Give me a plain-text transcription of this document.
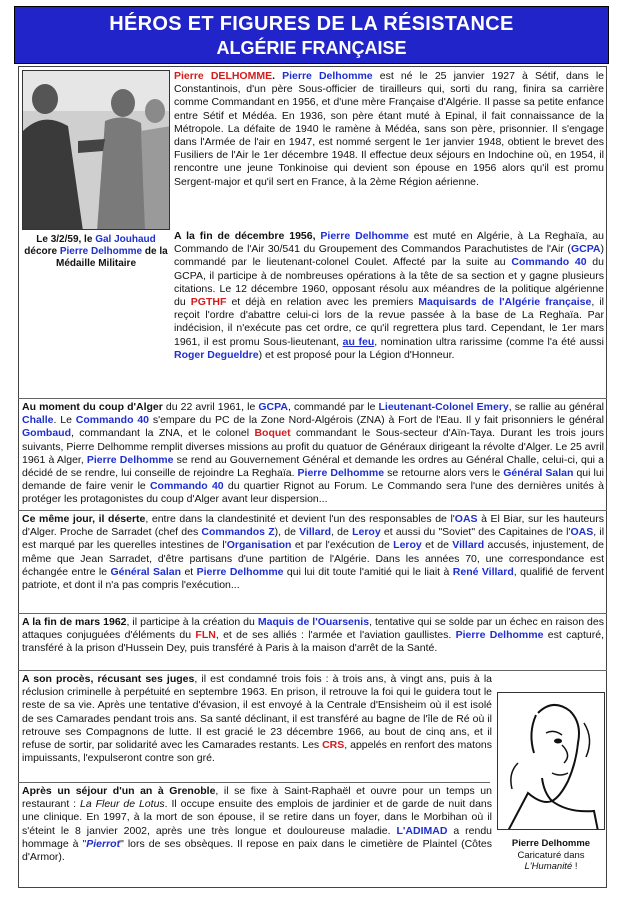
HÉROS ET FIGURES DE LA RÉSISTANCE
ALGÉRIE FRANÇAISE
Le 3/2/59, le Gal Jouhaud décore Pierre Delhomme de la Médaille Militaire
Pierre DELHOMME. Pierre Delhomme est né le 25 janvier 1927 à Sétif, dans le Constantinois, d'un père Sous-officier de tirailleurs qui, sorti du rang, finira sa carrière comme Commandant en 1956, et d'une mère Française d'Algérie. Il passe sa petite enfance entre Sétif et Médéa. En 1936, son père étant muté à Epinal, il fait connaissance de la Métropole. La défaite de 1940 le ramène à Médéa, sans son père, prisonnier. Il s'engage dans l'Armée de l'air en 1947, est nommé sergent le 1er janvier 1948, obtient le brevet des Fusiliers de l'Air le 1er décembre 1948. Il effectue deux séjours en Indochine où, en 1954, il rencontre une jeune Tonkinoise qui devient son épouse en 1956 alors qu'il est promu Sergent-major et qu'il sert en France, à la 2ème Région aérienne.
A la fin de décembre 1956, Pierre Delhomme est muté en Algérie, à La Reghaïa, au Commando de l'Air 30/541 du Groupement des Commandos Parachutistes de l'Air (GCPA) commandé par le lieutenant-colonel Coulet. Affecté par la suite au Commando 40 du GCPA, il participe à de nombreuses opérations à la tête de sa section et y gagne plusieurs citations. Le 12 décembre 1960, opposant résolu aux méandres de la politique algérienne du PGTHF et déjà en relation avec les premiers Maquisards de l'Algérie française, il reçoit l'ordre d'abattre celui-ci lors de la revue passée à la base de La Reghaïa. Par indécision, il n'exécute pas cet ordre, ce qu'il regrettera plus tard. Cependant, le 1er mars 1961, il est promu Sous-lieutenant, au feu, nomination ultra rarissime (comme l'a été aussi Roger Degueldre) et est proposé pour la Légion d'Honneur.
Au moment du coup d'Alger du 22 avril 1961, le GCPA, commandé par le Lieutenant-Colonel Emery, se rallie au général Challe. Le Commando 40 s'empare du PC de la Zone Nord-Algérois (ZNA) à Fort de l'Eau. Il y fait prisonniers le général Gombaud, commandant la ZNA, et le colonel Boquet commandant le Sous-secteur d'Aïn-Taya. Durant les trois jours suivants, Pierre Delhomme remplit diverses missions au profit du quatuor de Généraux dirigeant la révolte d'Alger. Le 25 avril 1961 à Alger, Pierre Delhomme se rend au Gouvernement Général et demande les ordres au Général Challe, celui-ci, qui a décidé de se rendre, lui conseille de rejoindre La Reghaïa. Pierre Delhomme se retourne alors vers le Général Salan qui lui demande de faire venir le Commando 40 du quartier Rignot au Forum. Le Commando sera l'une des dernières unités à protéger les protagonistes du coup d'Alger avant leur dispersion...
Ce même jour, il déserte, entre dans la clandestinité et devient l'un des responsables de l'OAS à El Biar, sur les hauteurs d'Alger. Proche de Sarradet (chef des Commandos Z), de Villard, de Leroy et aussi du "Soviet" des Capitaines de l'OAS, il est marqué par les querelles intestines de l'Organisation et par l'exécution de Leroy et de Villard accusés, injustement, de même que Jean Sarradet, d'être partisans d'une partition de l'Algérie. Dans les années 70, une correspondance est échangée entre le Général Salan et Pierre Delhomme qui lui dit toute l'amitié qui le liait à René Villard, qualifié de fervent patriote, et dont il n'a pas compris l'exécution...
A la fin de mars 1962, il participe à la création du Maquis de l'Ouarsenis, tentative qui se solde par un échec en raison des attaques conjuguées d'éléments du FLN, et de ses alliés : l'armée et l'aviation gaullistes. Pierre Delhomme est capturé, transféré à la prison d'Hussein Dey, puis transféré à Paris à la maison d'arrêt de la Santé.
A son procès, récusant ses juges, il est condamné trois fois : à trois ans, à vingt ans, puis à la réclusion criminelle à perpétuité en septembre 1963. En prison, il retrouve la foi qui le guidera tout le reste de sa vie. Après une tentative d'évasion, il est envoyé à la Centrale d'Ensisheim où il est isolé de ses Camarades pendant trois ans. Sa santé déclinant, il est transféré au bagne de l'île de Ré où il retrouve ses Compagnons de lutte. Il est gracié le 23 décembre 1966, au bout de cinq ans, et il refuse de sortir, par solidarité avec les Camarades restants. Les CRS, appelés en renfort des matons impuissants, l'expulseront contre son gré.
Après un séjour d'un an à Grenoble, il se fixe à Saint-Raphaël et ouvre pour un temps un restaurant : La Fleur de Lotus. Il occupe ensuite des emplois de jardinier et de garde de nuit dans une clinique. En 1997, à la mort de son épouse, il se retire dans un foyer, dans le Morbihan où il s'éteint le 8 janvier 2002, après une très longue et douloureuse maladie. L'ADIMAD a rendu hommage à "Pierrot" lors de ses obsèques. Il repose en paix dans le cimetière de Plaintel (Côtes d'Armor).
Pierre Delhomme
Caricaturé dans
L'Humanité !
